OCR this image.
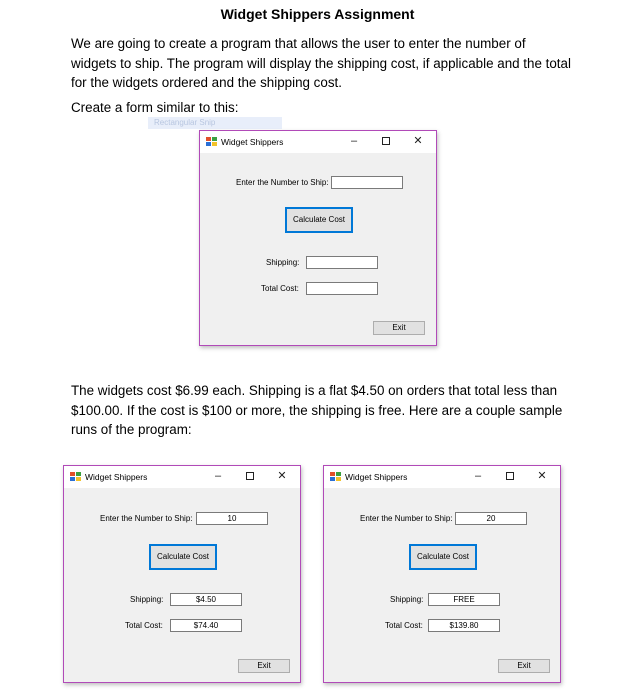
Widget Shippers Assignment
We are going to create a program that allows the user to enter the number of widgets to ship. The program will display the shipping cost, if applicable and the total for the widgets ordered and the shipping cost.
Create a form similar to this:
Rectangular Snip
Widget Shippers	–	✕
Enter the Number to Ship:
Calculate Cost
Shipping:
Total Cost:
Exit
The widgets cost $6.99 each. Shipping is a flat $4.50 on orders that total less than $100.00. If the cost is $100 or more, the shipping is free. Here are a couple sample runs of the program:
Widget Shippers	–	✕
Enter the Number to Ship:	10
Calculate Cost
Shipping:	$4.50
Total Cost:	$74.40
Exit
Widget Shippers	–	✕
Enter the Number to Ship:	20
Calculate Cost
Shipping:	FREE
Total Cost:	$139.80
Exit
